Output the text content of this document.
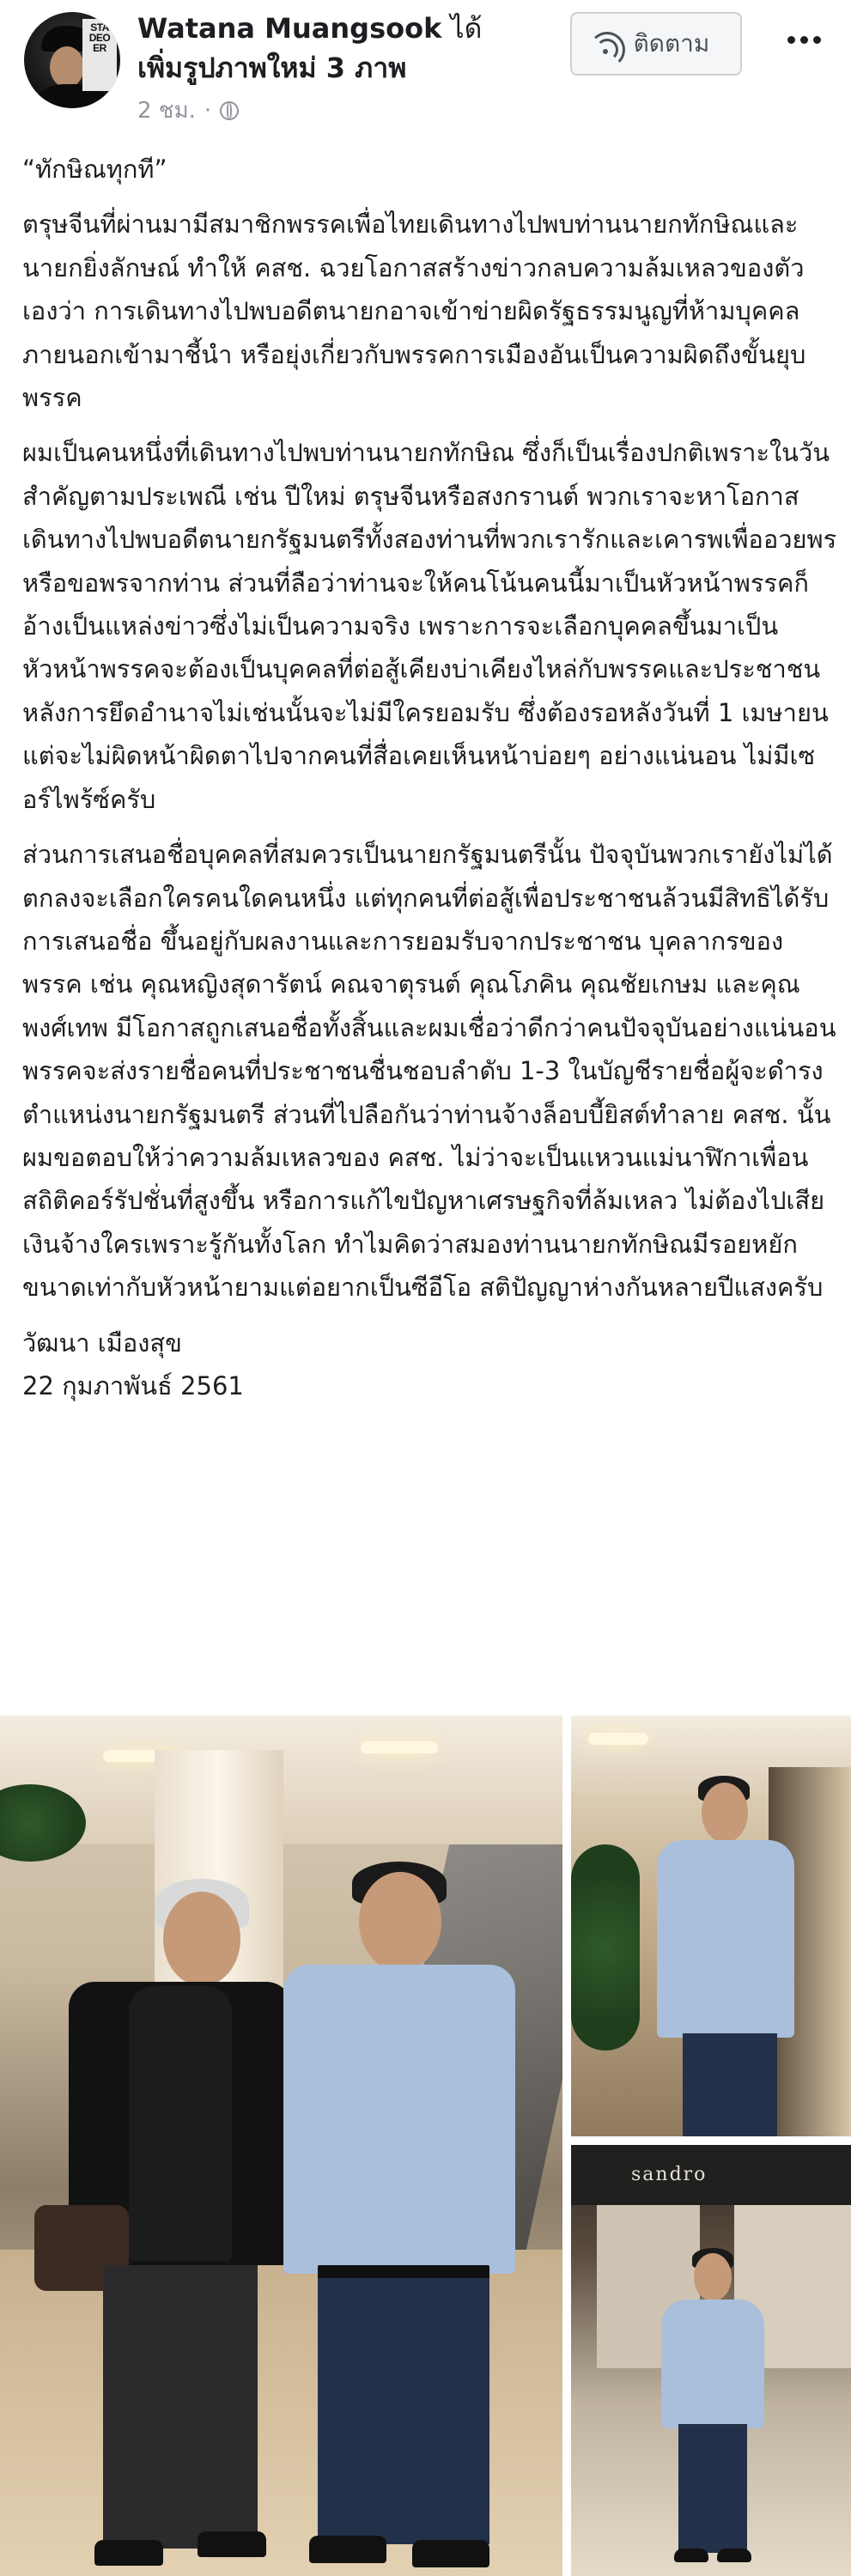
STA
DEO
ER
Watana Muangsook ได้
เพิ่มรูปภาพใหม่ 3 ภาพ
2 ชม. ·
ติดตาม

“ทักษิณทุกที”

ตรุษจีนที่ผ่านมามีสมาชิกพรรคเพื่อไทยเดินทางไปพบท่านนายกทักษิณและนายกยิ่งลักษณ์ ทำให้ คสช. ฉวยโอกาสสร้างข่าวกลบความล้มเหลวของตัวเองว่า การเดินทางไปพบอดีตนายกอาจเข้าข่ายผิดรัฐธรรมนูญที่ห้ามบุคคลภายนอกเข้ามาชี้นำ หรือยุ่งเกี่ยวกับพรรคการเมืองอันเป็นความผิดถึงขั้นยุบพรรค

ผมเป็นคนหนึ่งที่เดินทางไปพบท่านนายกทักษิณ ซึ่งก็เป็นเรื่องปกติเพราะในวันสำคัญตามประเพณี เช่น ปีใหม่ ตรุษจีนหรือสงกรานต์ พวกเราจะหาโอกาสเดินทางไปพบอดีตนายกรัฐมนตรีทั้งสองท่านที่พวกเรารักและเคารพเพื่ออวยพรหรือขอพรจากท่าน ส่วนที่ลือว่าท่านจะให้คนโน้นคนนี้มาเป็นหัวหน้าพรรคก็อ้างเป็นแหล่งข่าวซึ่งไม่เป็นความจริง เพราะการจะเลือกบุคคลขึ้นมาเป็นหัวหน้าพรรคจะต้องเป็นบุคคลที่ต่อสู้เคียงบ่าเคียงไหล่กับพรรคและประชาชนหลังการยึดอำนาจไม่เช่นนั้นจะไม่มีใครยอมรับ ซึ่งต้องรอหลังวันที่ 1 เมษายน แต่จะไม่ผิดหน้าผิดตาไปจากคนที่สื่อเคยเห็นหน้าบ่อยๆ อย่างแน่นอน ไม่มีเซอร์ไพร้ซ์ครับ

ส่วนการเสนอชื่อบุคคลที่สมควรเป็นนายกรัฐมนตรีนั้น ปัจจุบันพวกเรายังไม่ได้ตกลงจะเลือกใครคนใดคนหนึ่ง แต่ทุกคนที่ต่อสู้เพื่อประชาชนล้วนมีสิทธิได้รับการเสนอชื่อ ขึ้นอยู่กับผลงานและการยอมรับจากประชาชน บุคลากรของพรรค เช่น คุณหญิงสุดารัตน์ คณจาตุรนต์ คุณโภคิน คุณชัยเกษม และคุณพงศ์เทพ มีโอกาสถูกเสนอชื่อทั้งสิ้นและผมเชื่อว่าดีกว่าคนปัจจุบันอย่างแน่นอน พรรคจะส่งรายชื่อคนที่ประชาชนชื่นชอบลำดับ 1-3 ในบัญชีรายชื่อผู้จะดำรงตำแหน่งนายกรัฐมนตรี ส่วนที่ไปลือกันว่าท่านจ้างล็อบบี้ยิสต์ทำลาย คสช. นั้น ผมขอตอบให้ว่าความล้มเหลวของ คสช. ไม่ว่าจะเป็นแหวนแม่นาฬิกาเพื่อน สถิติคอร์รัปชั่นที่สูงขึ้น หรือการแก้ไขปัญหาเศรษฐกิจที่ล้มเหลว ไม่ต้องไปเสียเงินจ้างใครเพราะรู้กันทั้งโลก ทำไมคิดว่าสมองท่านนายกทักษิณมีรอยหยักขนาดเท่ากับหัวหน้ายามแต่อยากเป็นซีอีโอ สติปัญญาห่างกันหลายปีแสงครับ

วัฒนา เมืองสุข

22 กุมภาพันธ์ 2561

sandro
